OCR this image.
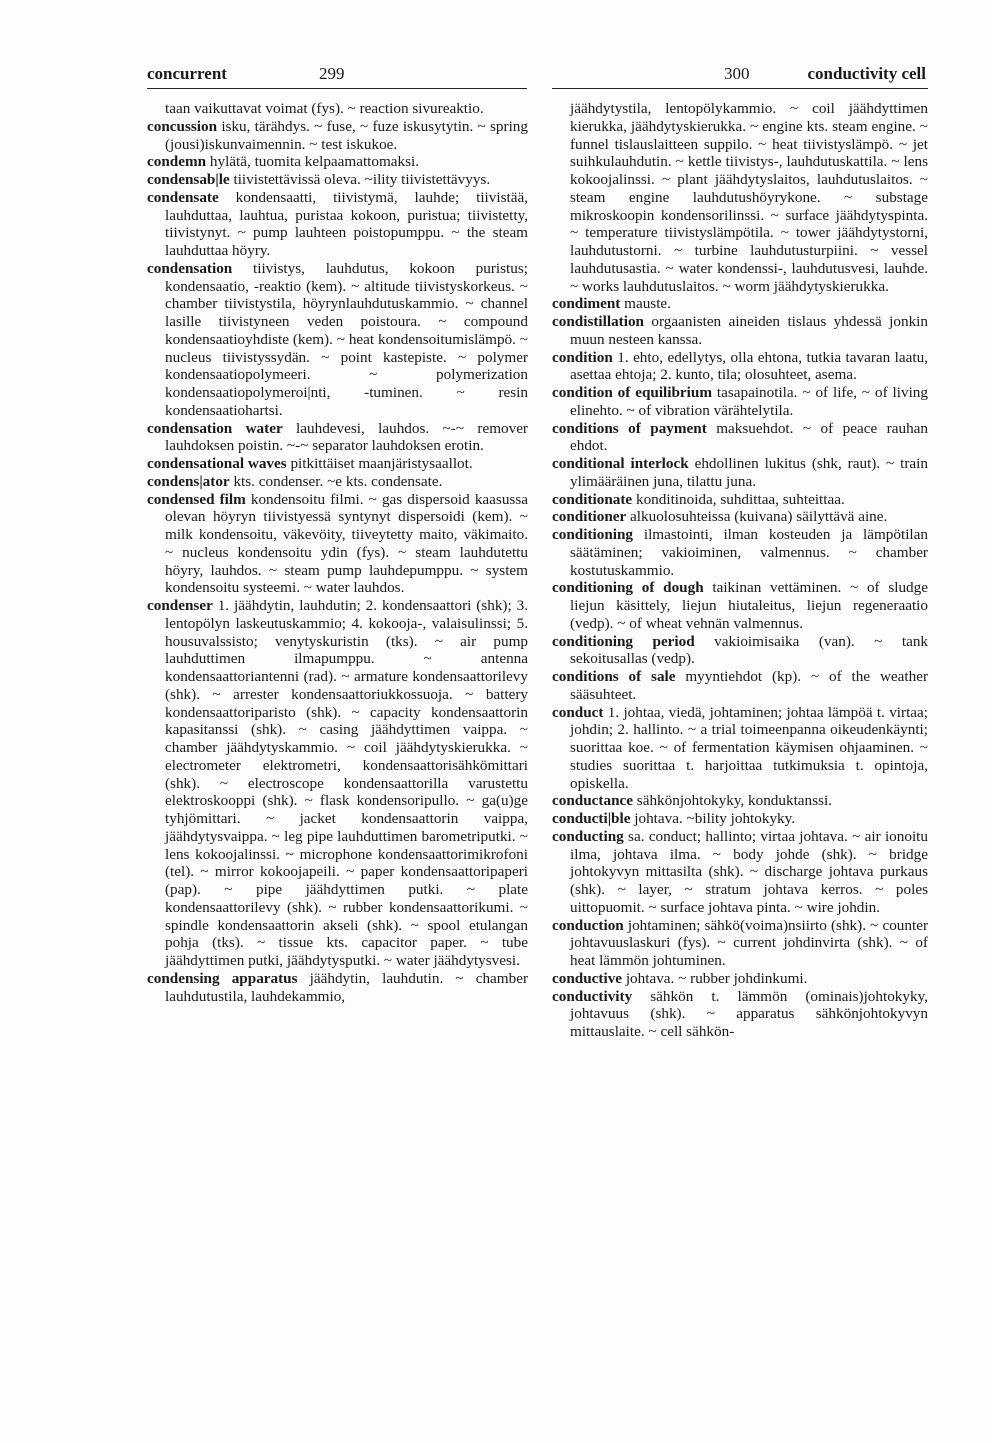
concurrent	299	300	conductivity cell

taan vaikuttavat voimat (fys). ~ reaction sivureaktio.

concussion isku, tärähdys. ~ fuse, ~ fuze iskusytytin. ~ spring (jousi)iskunvaimennin. ~ test iskukoe.

condemn hylätä, tuomita kelpaamattomaksi.

condensab|le tiivistettävissä oleva. ~ility tiivistettävyys.

condensate kondensaatti, tiivistymä, lauhde; tiivistää, lauhduttaa, lauhtua, puristaa kokoon, puristua; tiivistetty, tiivistynyt. ~ pump lauhteen poistopumppu. ~ the steam lauhduttaa höyry.

condensation tiivistys, lauhdutus, kokoon puristus; kondensaatio, -reaktio (kem). ~ altitude tiivistyskorkeus. ~ chamber tiivistystila, höyrynlauhdutuskammio. ~ channel lasille tiivistyneen veden poistoura. ~ compound kondensaatioyhdiste (kem). ~ heat kondensoitumislämpö. ~ nucleus tiivistyssydän. ~ point kastepiste. ~ polymer kondensaatiopolymeeri. ~ polymerization kondensaatiopolymeroi|nti, -tuminen. ~ resin kondensaatiohartsi.

condensation water lauhdevesi, lauhdos. ~-~ remover lauhdoksen poistin. ~-~ separator lauhdoksen erotin.

condensational waves pitkittäiset maanjäristysaallot.

condens|ator kts. condenser. ~e kts. condensate.

condensed film kondensoitu filmi. ~ gas dispersoid kaasussa olevan höyryn tiivistyessä syntynyt dispersoidi (kem). ~ milk kondensoitu, väkevöity, tiiveytetty maito, väkimaito. ~ nucleus kondensoitu ydin (fys). ~ steam lauhdutettu höyry, lauhdos. ~ steam pump lauhdepumppu. ~ system kondensoitu systeemi. ~ water lauhdos.

condenser 1. jäähdytin, lauhdutin; 2. kondensaattori (shk); 3. lentopölyn laskeutuskammio; 4. kokooja-, valaisulinssi; 5. housuvalssisto; venytyskuristin (tks). ~ air pump lauhduttimen ilmapumppu. ~ antenna kondensaattoriantenni (rad). ~ armature kondensaattorilevy (shk). ~ arrester kondensaattoriukkossuoja. ~ battery kondensaattoriparisto (shk). ~ capacity kondensaattorin kapasitanssi (shk). ~ casing jäähdyttimen vaippa. ~ chamber jäähdytyskammio. ~ coil jäähdytyskierukka. ~ electrometer elektrometri, kondensaattorisähkömittari (shk). ~ electroscope kondensaattorilla varustettu elektroskooppi (shk). ~ flask kondensoripullo. ~ ga(u)ge tyhjömittari. ~ jacket kondensaattorin vaippa, jäähdytysvaippa. ~ leg pipe lauhduttimen barometriputki. ~ lens kokoojalinssi. ~ microphone kondensaattorimikrofoni (tel). ~ mirror kokoojapeili. ~ paper kondensaattoripaperi (pap). ~ pipe jäähdyttimen putki. ~ plate kondensaattorilevy (shk). ~ rubber kondensaattorikumi. ~ spindle kondensaattorin akseli (shk). ~ spool etulangan pohja (tks). ~ tissue kts. capacitor paper. ~ tube jäähdyttimen putki, jäähdytysputki. ~ water jäähdytysvesi.

condensing apparatus jäähdytin, lauhdutin. ~ chamber lauhdutustila, lauhdekammio,

jäähdytystila, lentopölykammio. ~ coil jäähdyttimen kierukka, jäähdytyskierukka. ~ engine kts. steam engine. ~ funnel tislauslaitteen suppilo. ~ heat tiivistyslämpö. ~ jet suihkulauhdutin. ~ kettle tiivistys-, lauhdutuskattila. ~ lens kokoojalinssi. ~ plant jäähdytyslaitos, lauhdutuslaitos. ~ steam engine lauhdutushöyrykone. ~ substage mikroskoopin kondensorilinssi. ~ surface jäähdytyspinta. ~ temperature tiivistyslämpötila. ~ tower jäähdytystorni, lauhdutustorni. ~ turbine lauhdutusturpiini. ~ vessel lauhdutusastia. ~ water kondenssi-, lauhdutusvesi, lauhde. ~ works lauhdutuslaitos. ~ worm jäähdytyskierukka.

condiment mauste.

condistillation orgaanisten aineiden tislaus yhdessä jonkin muun nesteen kanssa.

condition 1. ehto, edellytys, olla ehtona, tutkia tavaran laatu, asettaa ehtoja; 2. kunto, tila; olosuhteet, asema.

condition of equilibrium tasapainotila. ~ of life, ~ of living elinehto. ~ of vibration värähtelytila.

conditions of payment maksuehdot. ~ of peace rauhan ehdot.

conditional interlock ehdollinen lukitus (shk, raut). ~ train ylimääräinen juna, tilattu juna.

conditionate konditinoida, suhdittaa, suhteittaa.

conditioner alkuolosuhteissa (kuivana) säilyttävä aine.

conditioning ilmastointi, ilman kosteuden ja lämpötilan säätäminen; vakioiminen, valmennus. ~ chamber kostutuskammio.

conditioning of dough taikinan vettäminen. ~ of sludge liejun käsittely, liejun hiutaleitus, liejun regeneraatio (vedp). ~ of wheat vehnän valmennus.

conditioning period vakioimisaika (van). ~ tank sekoitusallas (vedp).

conditions of sale myyntiehdot (kp). ~ of the weather sääsuhteet.

conduct 1. johtaa, viedä, johtaminen; johtaa lämpöä t. virtaa; johdin; 2. hallinto. ~ a trial toimeenpanna oikeudenkäynti; suorittaa koe. ~ of fermentation käymisen ohjaaminen. ~ studies suorittaa t. harjoittaa tutkimuksia t. opintoja, opiskella.

conductance sähkönjohtokyky, konduktanssi.

conducti|ble johtava. ~bility johtokyky.

conducting sa. conduct; hallinto; virtaa johtava. ~ air ionoitu ilma, johtava ilma. ~ body johde (shk). ~ bridge johtokyvyn mittasilta (shk). ~ discharge johtava purkaus (shk). ~ layer, ~ stratum johtava kerros. ~ poles uittopuomit. ~ surface johtava pinta. ~ wire johdin.

conduction johtaminen; sähkö(voima)nsiirto (shk). ~ counter johtavuuslaskuri (fys). ~ current johdinvirta (shk). ~ of heat lämmön johtuminen.

conductive johtava. ~ rubber johdinkumi.

conductivity sähkön t. lämmön (ominais)johtokyky, johtavuus (shk). ~ apparatus sähkönjohtokyvyn mittauslaite. ~ cell sähkön-
